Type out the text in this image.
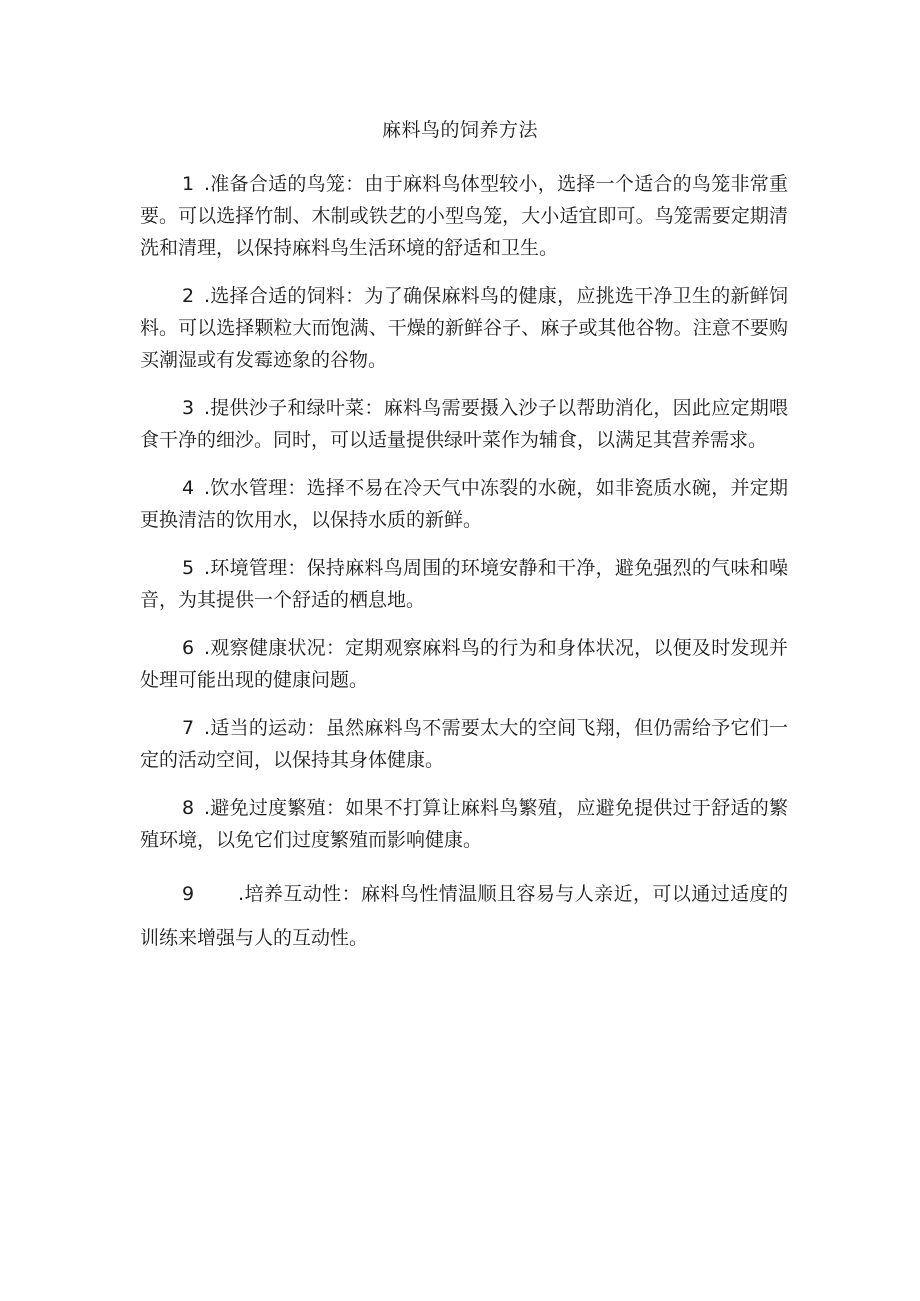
麻料鸟的饲养方法

1 .准备合适的鸟笼：由于麻料鸟体型较小，选择一个适合的鸟笼非常重要。可以选择竹制、木制或铁艺的小型鸟笼，大小适宜即可。鸟笼需要定期清洗和清理，以保持麻料鸟生活环境的舒适和卫生。

2 .选择合适的饲料：为了确保麻料鸟的健康，应挑选干净卫生的新鲜饲料。可以选择颗粒大而饱满、干燥的新鲜谷子、麻子或其他谷物。注意不要购买潮湿或有发霉迹象的谷物。

3 .提供沙子和绿叶菜：麻料鸟需要摄入沙子以帮助消化，因此应定期喂食干净的细沙。同时，可以适量提供绿叶菜作为辅食，以满足其营养需求。

4 .饮水管理：选择不易在冷天气中冻裂的水碗，如非瓷质水碗，并定期更换清洁的饮用水，以保持水质的新鲜。

5 .环境管理：保持麻料鸟周围的环境安静和干净，避免强烈的气味和噪音，为其提供一个舒适的栖息地。

6 .观察健康状况：定期观察麻料鸟的行为和身体状况，以便及时发现并处理可能出现的健康问题。

7 .适当的运动：虽然麻料鸟不需要太大的空间飞翔，但仍需给予它们一定的活动空间，以保持其身体健康。

8 .避免过度繁殖：如果不打算让麻料鸟繁殖，应避免提供过于舒适的繁殖环境，以免它们过度繁殖而影响健康。

9 .培养互动性：麻料鸟性情温顺且容易与人亲近，可以通过适度的训练来增强与人的互动性。
